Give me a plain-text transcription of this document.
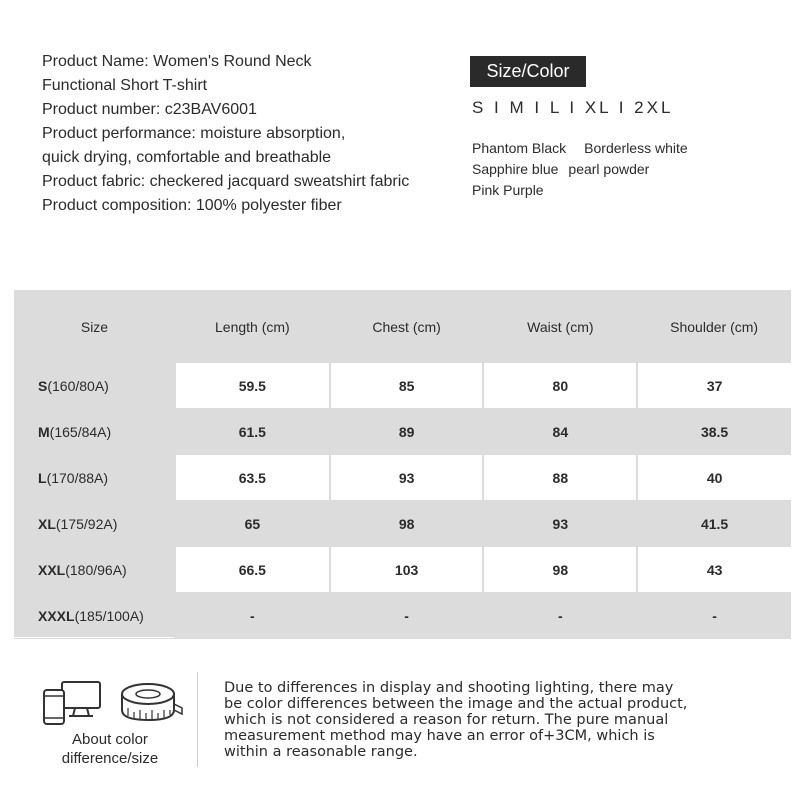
Product Name: Women's Round Neck
Functional Short T-shirt
Product number: c23BAV6001
Product performance: moisture absorption,
quick drying, comfortable and breathable
Product fabric: checkered jacquard sweatshirt fabric
Product composition: 100% polyester fiber
Size/Color
S I M I L I XL I 2XL
Phantom Black Borderless white
Sapphire blue pearl powder
Pink Purple
Size	Length (cm)	Chest (cm)	Waist (cm)	Shoulder (cm)
S(160/80A)	59.5	85	80	37
M(165/84A)	61.5	89	84	38.5
L(170/88A)	63.5	93	88	40
XL(175/92A)	65	98	93	41.5
XXL(180/96A)	66.5	103	98	43
XXXL(185/100A)	-	-	-	-
About color
difference/size
Due to differences in display and shooting lighting, there may
be color differences between the image and the actual product,
which is not considered a reason for return. The pure manual
measurement method may have an error of+3CM, which is
within a reasonable range.
